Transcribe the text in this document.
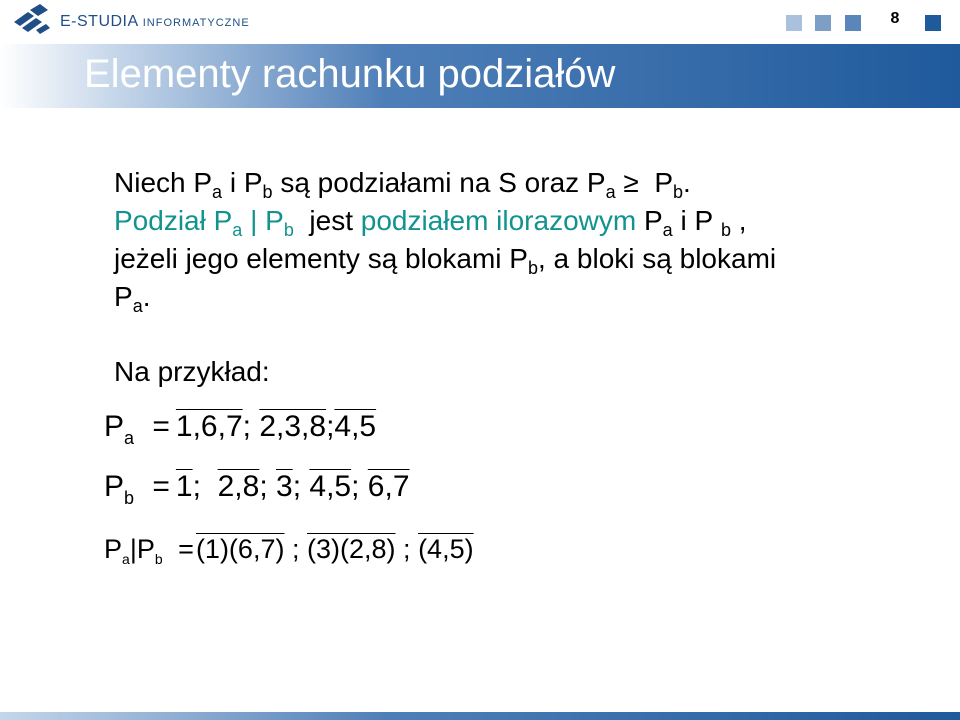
E-STUDIA INFORMATYCZNE	8
Elementy rachunku podziałów
Niech $P_a$ i $P_b$ są podziałami na S oraz $P_a \ge P_b$.
Podział $P_a$ | $P_b$  jest podziałem ilorazowym $P_a$ i P $_b$ ,
jeżeli jego elementy są blokami $P_b$, a bloki są blokami
$P_a$.
Na przykład:
$P_a = 1,6,7$; 2,3,8;4,5
$P_b = 1$; 2,8; 3; 4,5; 6,7
$P_a|P_b =(1)(6,7)$ ; (3)(2,8) ; (4,5)
